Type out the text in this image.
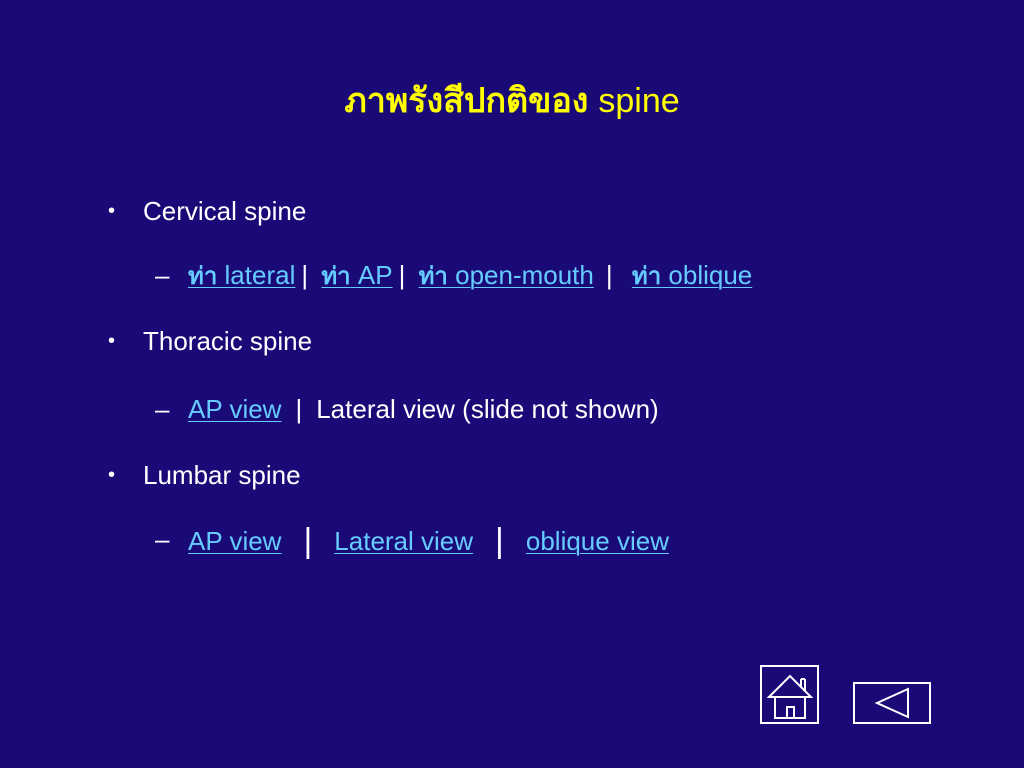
ภาพรังสีปกติของ spine
• Cervical spine
– ท่า lateral | ท่า AP | ท่า open-mouth | ท่า oblique
• Thoracic spine
– AP view | Lateral view (slide not shown)
• Lumbar spine
– AP view | Lateral view | oblique view
